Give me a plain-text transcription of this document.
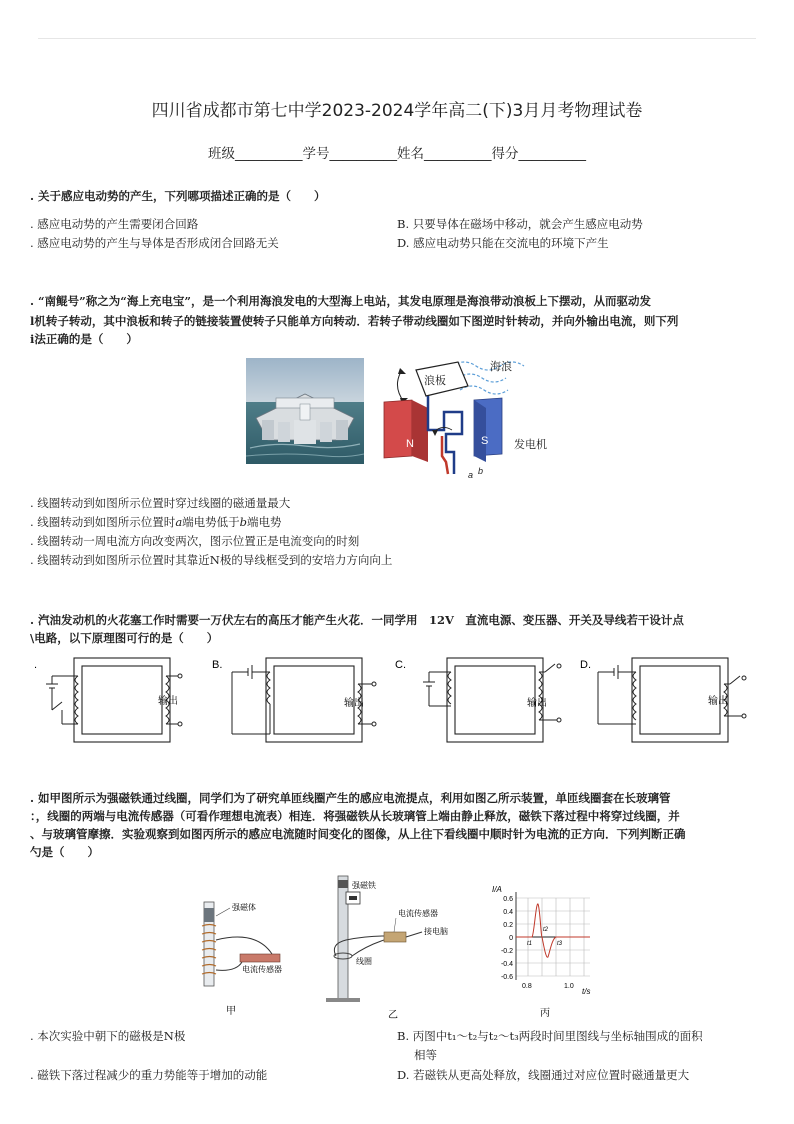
四川省成都市第七中学2023-2024学年高二(下)3月月考物理试卷
班级__________学号__________姓名__________得分__________
. 关于感应电动势的产生，下列哪项描述正确的是（　　）
. 感应电动势的产生需要闭合回路	B. 只要导体在磁场中移动，就会产生感应电动势
. 感应电动势的产生与导体是否形成闭合回路无关	D. 感应电动势只能在交流电的环境下产生
. “南鲲号”称之为“海上充电宝”，是一个利用海浪发电的大型海上电站，其发电原理是海浪带动浪板上下摆动，从而驱动发
l机转子转动，其中浪板和转子的链接装置使转子只能单方向转动．若转子带动线圈如下图逆时针转动，并向外输出电流，则下列
i法正确的是（　　）
海浪
浪板
N	S
a b
发电机
. 线圈转动到如图所示位置时穿过线圈的磁通量最大
. 线圈转动到如图所示位置时a端电势低于b端电势
. 线圈转动一周电流方向改变两次，图示位置正是电流变向的时刻
. 线圈转动到如图所示位置时其靠近N极的导线框受到的安培力方向向上
. 汽油发动机的火花塞工作时需要一万伏左右的高压才能产生火花．一同学用　12V　直流电源、变压器、开关及导线若干设计点
\电路，以下原理图可行的是（　　）
.
输出
B.
输出
C.
输出
D.
输出
. 如甲图所示为强磁铁通过线圈，同学们为了研究单匝线圈产生的感应电流提点，利用如图乙所示装置，单匝线圈套在长玻璃管
：，线圈的两端与电流传感器（可看作理想电流表）相连．将强磁铁从长玻璃管上端由静止释放，磁铁下落过程中将穿过线圈，并
、与玻璃管摩擦．实验观察到如图丙所示的感应电流随时间变化的图像，从上往下看线圈中顺时针为电流的正方向．下列判断正确
勺是（　　）
强磁体
电流传感器
甲
强磁铁
电流传感器
接电脑
线圈
乙
0.6
0.4
0.2
0
-0.2
-0.4
-0.6
0.8	1.0
t1
t2
t3
I/A
t/s
丙
. 本次实验中朝下的磁极是N极	B. 丙图中t₁～t₂与t₂～t₃两段时间里图线与坐标轴围成的面积
相等
. 磁铁下落过程减少的重力势能等于增加的动能	D. 若磁铁从更高处释放，线圈通过对应位置时磁通量更大
